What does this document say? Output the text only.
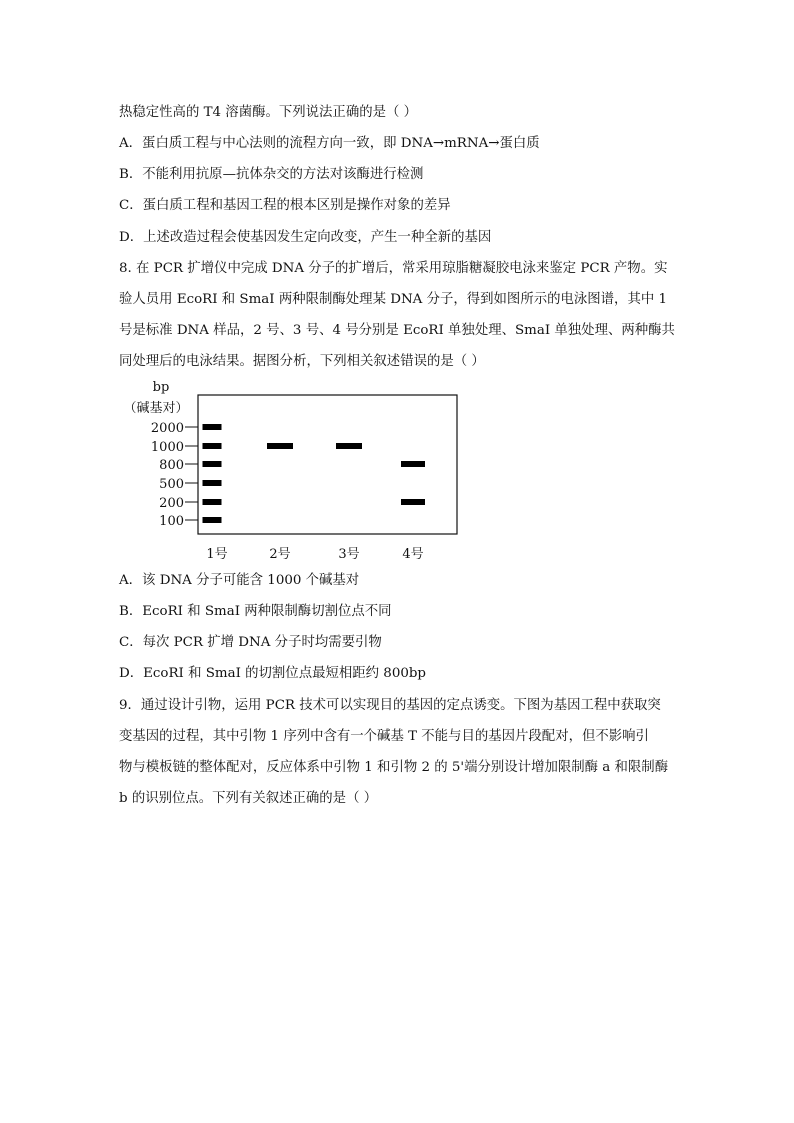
热稳定性高的 T4 溶菌酶。下列说法正确的是（ ）
A．蛋白质工程与中心法则的流程方向一致，即 DNA→mRNA→蛋白质
B．不能利用抗原—抗体杂交的方法对该酶进行检测
C．蛋白质工程和基因工程的根本区别是操作对象的差异
D．上述改造过程会使基因发生定向改变，产生一种全新的基因
8. 在 PCR 扩增仪中完成 DNA 分子的扩增后，常采用琼脂糖凝胶电泳来鉴定 PCR 产物。实
验人员用 EcoRI 和 SmaI 两种限制酶处理某 DNA 分子，得到如图所示的电泳图谱，其中 1
号是标准 DNA 样品，2 号、3 号、4 号分别是 EcoRI 单独处理、SmaI 单独处理、两种酶共
同处理后的电泳结果。据图分析，下列相关叙述错误的是（ ）
bp
（碱基对）
2000
1000
800
500
200
100
1号	2号	3号	4号
A．该 DNA 分子可能含 1000 个碱基对
B．EcoRI 和 SmaI 两种限制酶切割位点不同
C．每次 PCR 扩增 DNA 分子时均需要引物
D．EcoRI 和 SmaI 的切割位点最短相距约 800bp
9．通过设计引物，运用 PCR 技术可以实现目的基因的定点诱变。下图为基因工程中获取突
变基因的过程，其中引物 1 序列中含有一个碱基 T 不能与目的基因片段配对，但不影响引
物与模板链的整体配对，反应体系中引物 1 和引物 2 的 5'端分别设计增加限制酶 a 和限制酶
b 的识别位点。下列有关叙述正确的是（ ）
